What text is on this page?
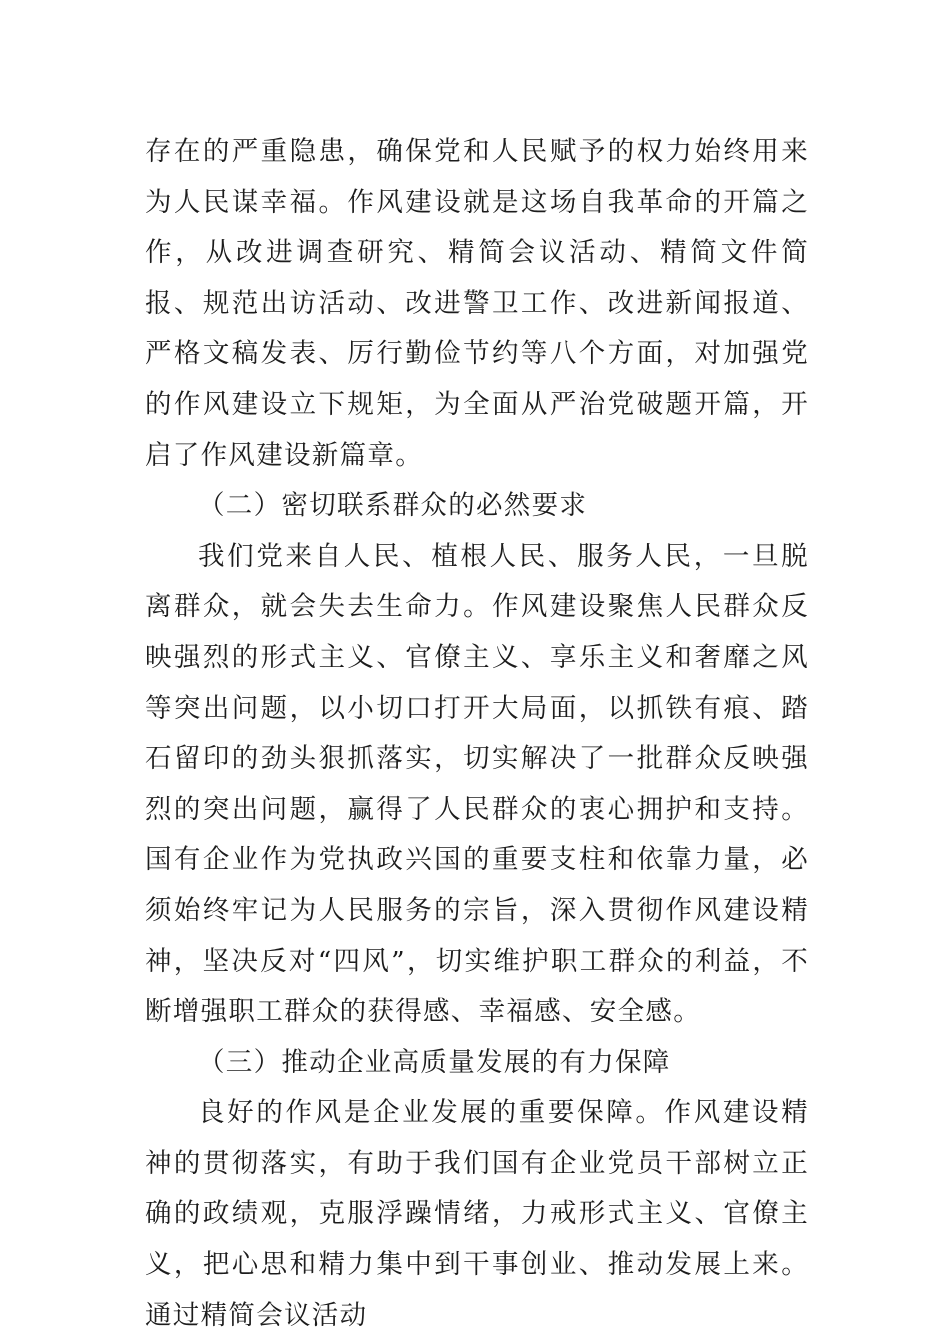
存在的严重隐患，确保党和人民赋予的权力始终用来为人民谋幸福。作风建设就是这场自我革命的开篇之作，从改进调查研究、精简会议活动、精简文件简报、规范出访活动、改进警卫工作、改进新闻报道、严格文稿发表、厉行勤俭节约等八个方面，对加强党的作风建设立下规矩，为全面从严治党破题开篇，开启了作风建设新篇章。

（二）密切联系群众的必然要求

我们党来自人民、植根人民、服务人民，一旦脱离群众，就会失去生命力。作风建设聚焦人民群众反映强烈的形式主义、官僚主义、享乐主义和奢靡之风等突出问题，以小切口打开大局面，以抓铁有痕、踏石留印的劲头狠抓落实，切实解决了一批群众反映强烈的突出问题，赢得了人民群众的衷心拥护和支持。国有企业作为党执政兴国的重要支柱和依靠力量，必须始终牢记为人民服务的宗旨，深入贯彻作风建设精神，坚决反对“四风”，切实维护职工群众的利益，不断增强职工群众的获得感、幸福感、安全感。

（三）推动企业高质量发展的有力保障

良好的作风是企业发展的重要保障。作风建设精神的贯彻落实，有助于我们国有企业党员干部树立正确的政绩观，克服浮躁情绪，力戒形式主义、官僚主义，把心思和精力集中到干事创业、推动发展上来。通过精简会议活动
